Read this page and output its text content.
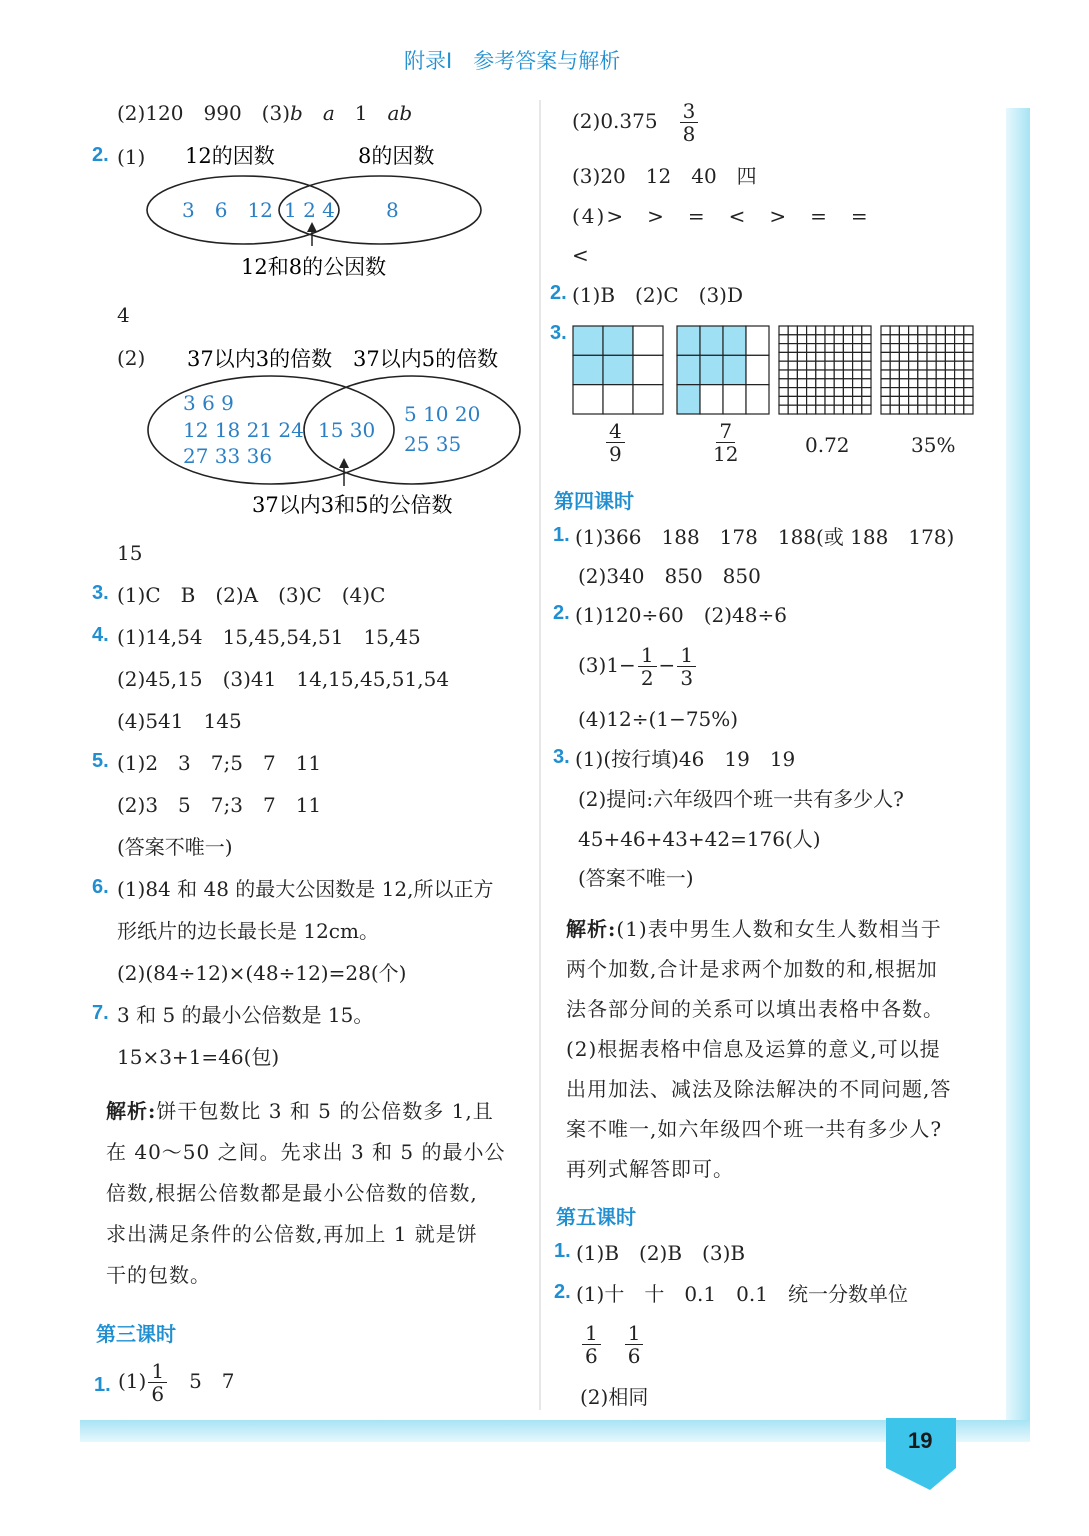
附录Ⅰ　参考答案与解析
(2)120　990　(3)b　 a　 1　 ab
2. (1) 12的因数	8的因数
3　6　12 1 2 4	8
12和8的公因数
4
(2) 37以内3的倍数 37以内5的倍数
3 6 9
12 18 21 24
27 33 36
15 30
5 10 20
25 35
37以内3和5的公倍数
15
3. (1)C　B　(2)A　(3)C　(4)C
4. (1)14,54　15,45,54,51　15,45
(2)45,15　(3)41　14,15,45,51,54
(4)541　145
5. (1)2　3　7;5　7　11
(2)3　5　7;3　7　11
(答案不唯一)
6. (1)84 和 48 的最大公因数是 12,所以正方
形纸片的边长最长是 12cm。
(2)(84÷12)×(48÷12)=28(个)
7. 3 和 5 的最小公倍数是 15。
15×3+1=46(包)
解析:饼干包数比 3 和 5 的公倍数多 1,且
在 40～50 之间。先求出 3 和 5 的最小公
倍数,根据公倍数都是最小公倍数的倍数,
求出满足条件的公倍数,再加上 1 就是饼
干的包数。
第三课时
1. $(1) \frac{1}{6}$
　 5　7
(2)0.375　 $\frac{3}{8}$
(3)20　12　40　四
(4)>　>　=　<　>　=　=
<
2. (1)B　(2)C　(3)D
3.
$\frac{4}{9}$	$\frac{7}{12}$	0.72	35%
第四课时
1. (1)366　188　178　188(或 188　178)
(2)340　850　850
2. (1)120÷60　(2)48÷6
$(3)1- \frac{1}{2} - \frac{1}{3}$
(4)12÷(1−75%)
3. (1)(按行填)46　19　19
(2)提问:六年级四个班一共有多少人?
45+46+43+42=176(人)
(答案不唯一)
解析:(1)表中男生人数和女生人数相当于
两个加数,合计是求两个加数的和,根据加
法各部分间的关系可以填出表格中各数。
(2)根据表格中信息及运算的意义,可以提
出用加法、减法及除法解决的不同问题,答
案不唯一,如六年级四个班一共有多少人?
再列式解答即可。
第五课时
1. (1)B　(2)B　(3)B
2. (1)十　十　0.1　0.1　统一分数单位
$\frac{1}{6}$
　 $\frac{1}{6}$
(2)相同
19
